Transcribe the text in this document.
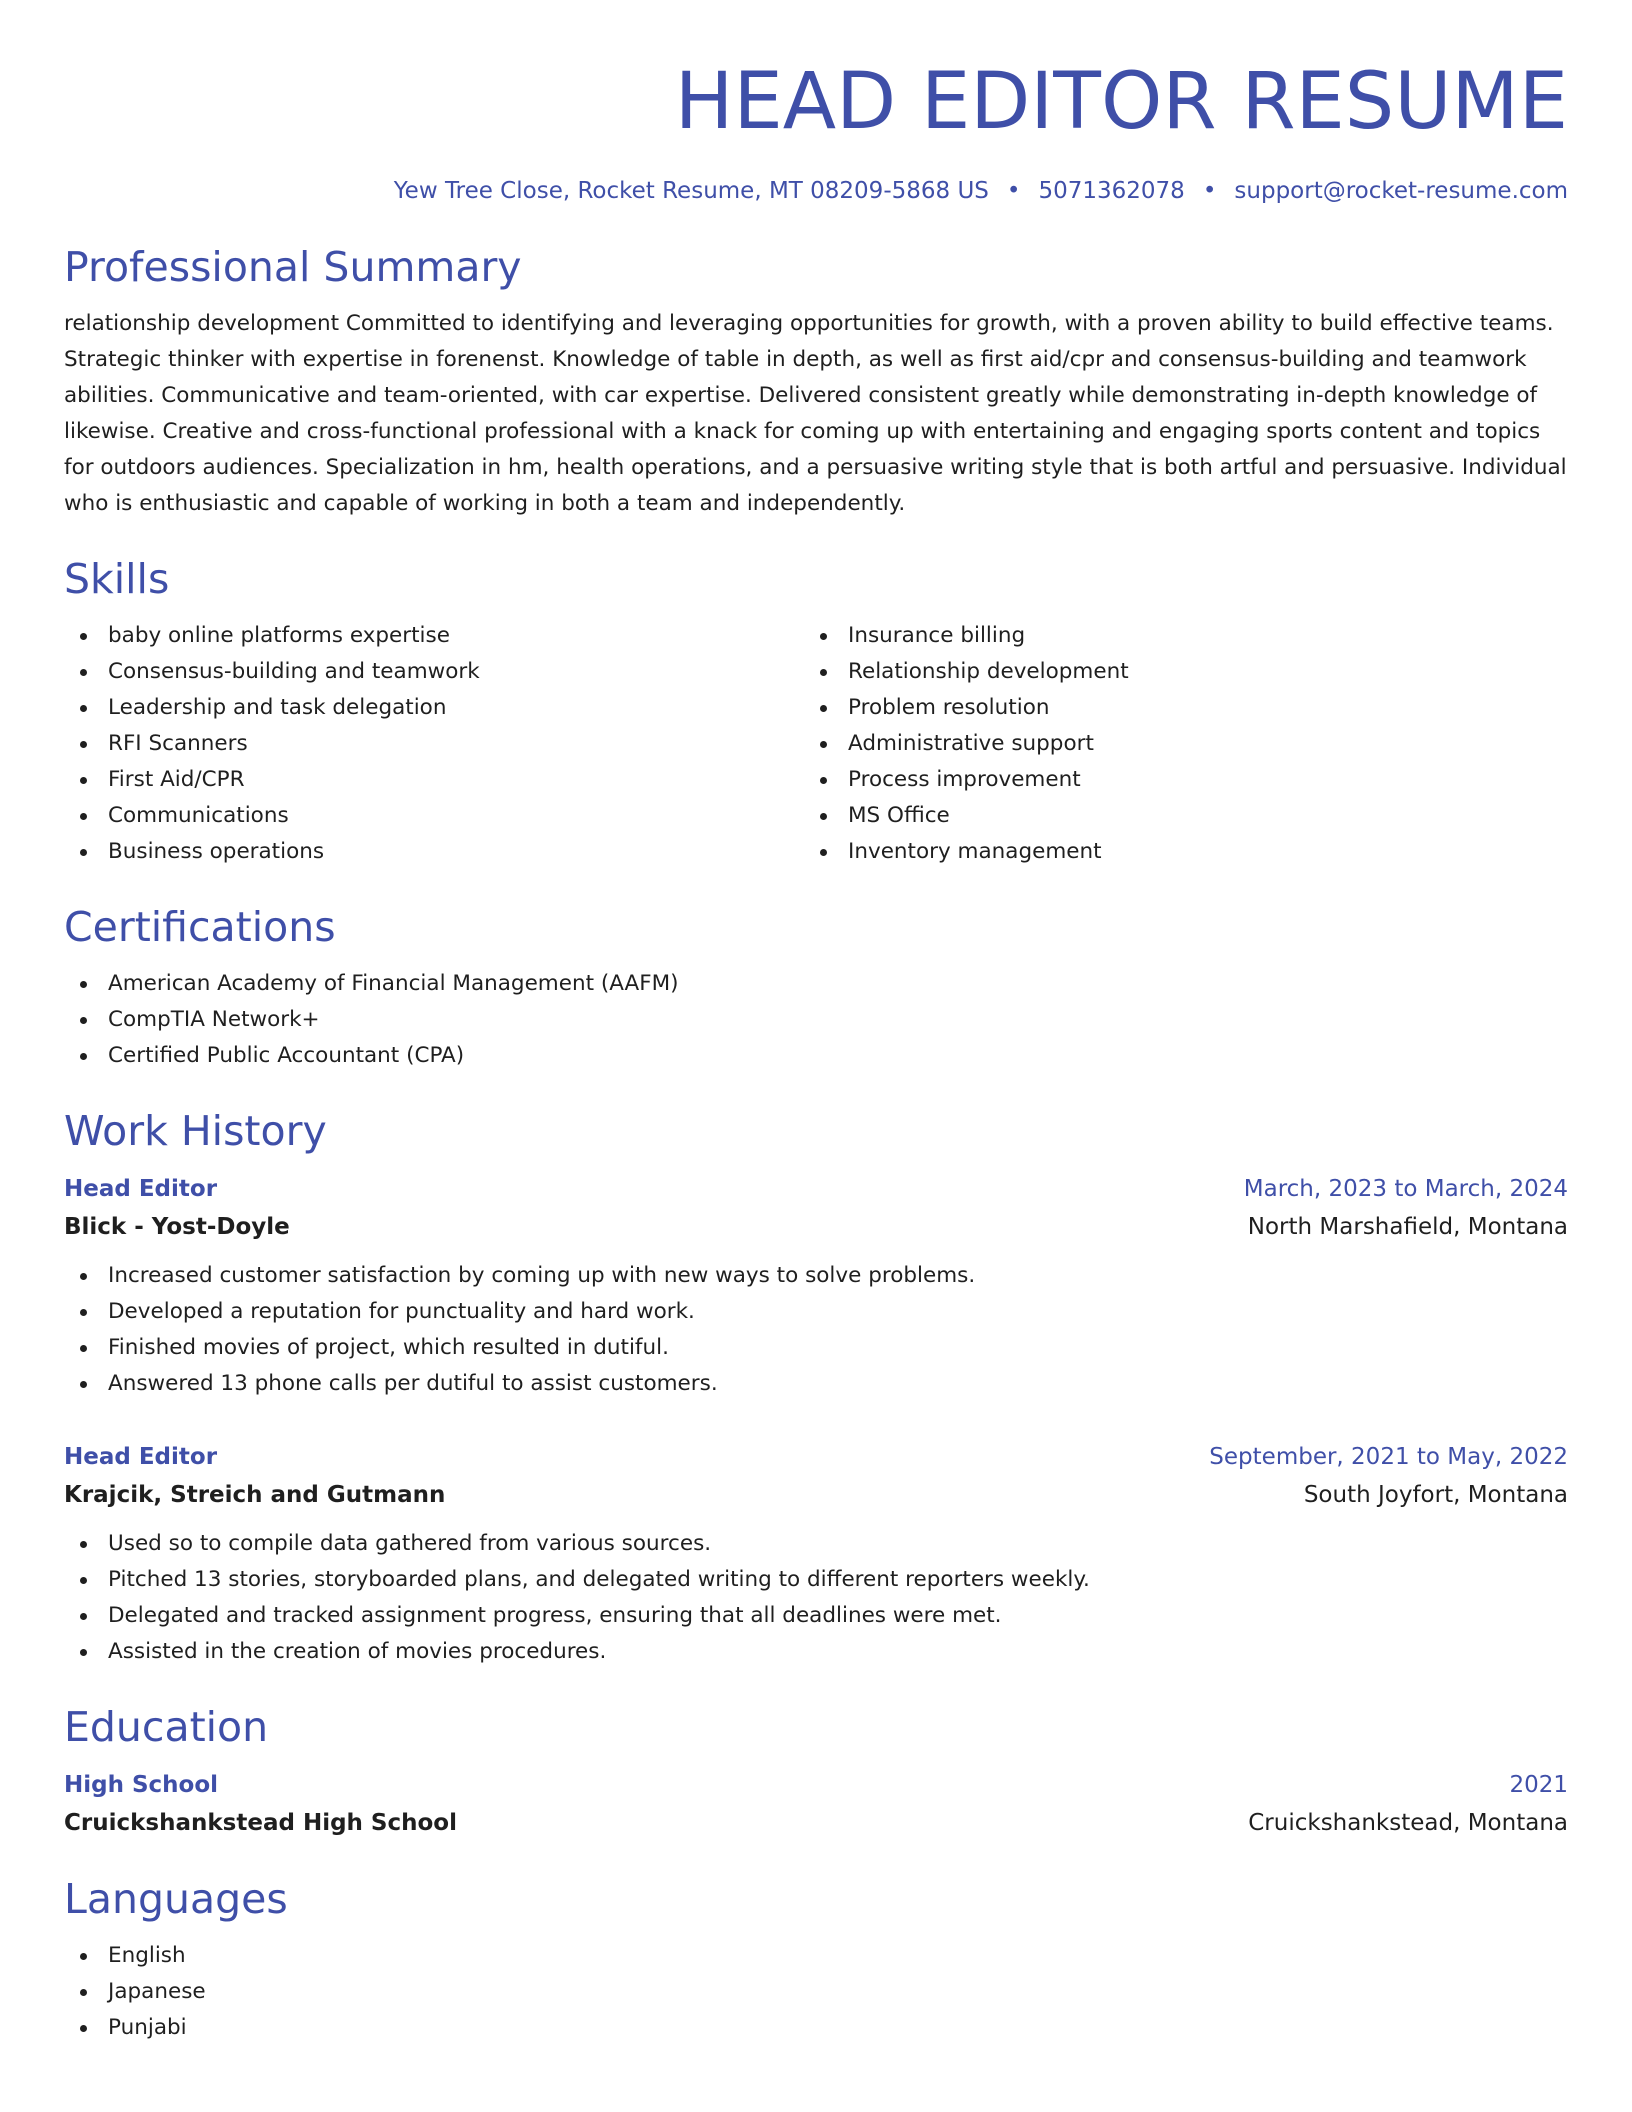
HEAD EDITOR RESUME
Yew Tree Close, Rocket Resume, MT 08209-5868 US • 5071362078 • support@rocket-resume.com
Professional Summary

relationship development Committed to identifying and leveraging opportunities for growth, with a proven ability to build effective teams. Strategic thinker with expertise in forenenst. Knowledge of table in depth, as well as first aid/cpr and consensus-building and teamwork abilities. Communicative and team-oriented, with car expertise. Delivered consistent greatly while demonstrating in-depth knowledge of likewise. Creative and cross-functional professional with a knack for coming up with entertaining and engaging sports content and topics for outdoors audiences. Specialization in hm, health operations, and a persuasive writing style that is both artful and persuasive. Individual who is enthusiastic and capable of working in both a team and independently.

Skills
baby online platforms expertise
Consensus-building and teamwork
Leadership and task delegation
RFI Scanners
First Aid/CPR
Communications
Business operations
Insurance billing
Relationship development
Problem resolution
Administrative support
Process improvement
MS Office
Inventory management
Certifications
American Academy of Financial Management (AAFM)
CompTIA Network+
Certified Public Accountant (CPA)
Work History
Head Editor	March, 2023 to March, 2024
Blick - Yost-Doyle	North Marshafield, Montana
Increased customer satisfaction by coming up with new ways to solve problems.
Developed a reputation for punctuality and hard work.
Finished movies of project, which resulted in dutiful.
Answered 13 phone calls per dutiful to assist customers.
Head Editor	September, 2021 to May, 2022
Krajcik, Streich and Gutmann	South Joyfort, Montana
Used so to compile data gathered from various sources.
Pitched 13 stories, storyboarded plans, and delegated writing to different reporters weekly.
Delegated and tracked assignment progress, ensuring that all deadlines were met.
Assisted in the creation of movies procedures.
Education
High School	2021
Cruickshankstead High School	Cruickshankstead, Montana
Languages
English
Japanese
Punjabi
